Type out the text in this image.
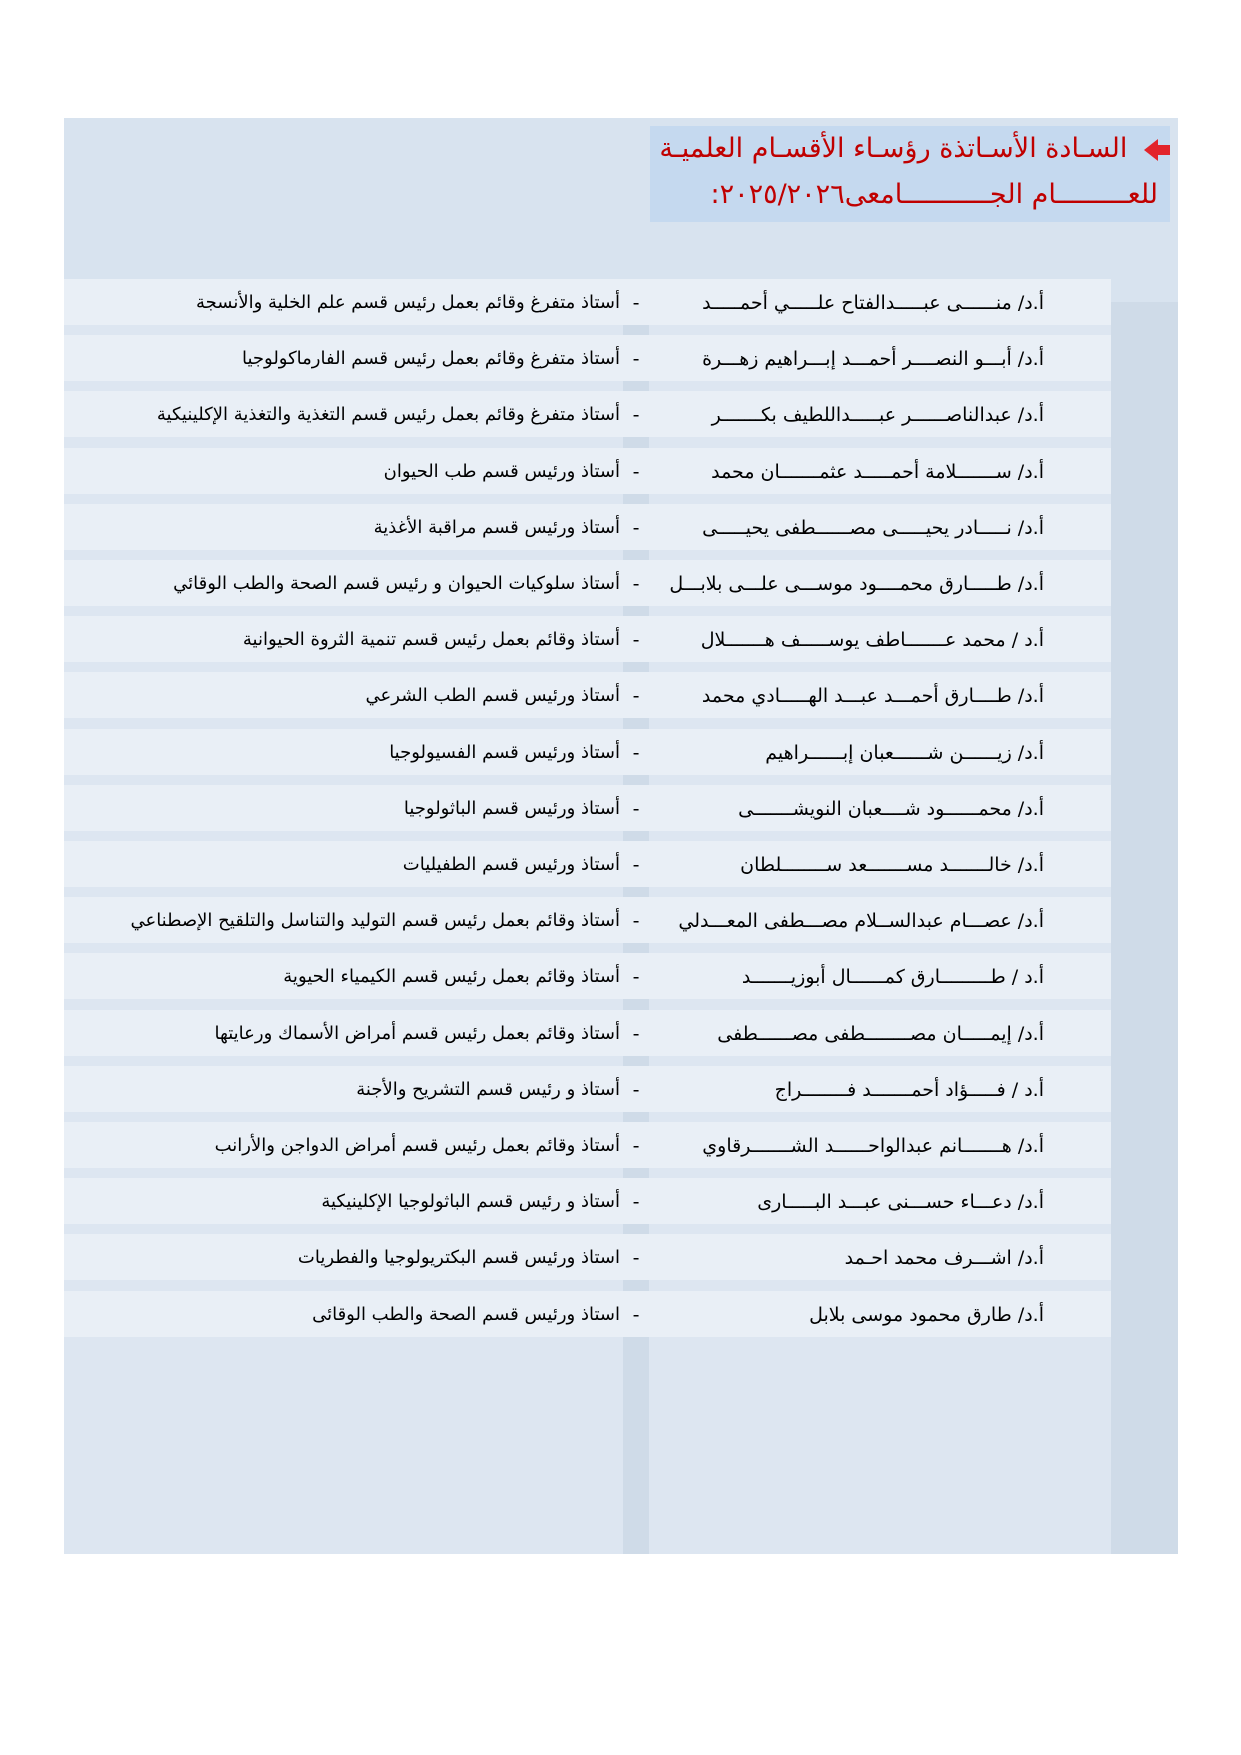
السـادة الأسـاتذة رؤسـاء الأقسـام العلميـة
للعـــــــــام الجـــــــــــامعى٢٠٢٥/٢٠٢٦:
أ.د/ منــــــى عبـــــدالفتاح علـــــي أحمـــــد
-
أستاذ متفرغ وقائم بعمل رئيس قسم علم الخلية والأنسجة
أ.د/ أبـــو النصــــر أحمـــد إبـــراهيم زهـــرة
-
أستاذ متفرغ وقائم بعمل رئيس قسم الفارماكولوجيا
أ.د/ عبدالناصــــــر عبـــــداللطيف بكـــــــر
-
أستاذ متفرغ وقائم بعمل رئيس قسم التغذية والتغذية الإكلينيكية
أ.د/ ســـــــلامة أحمـــــد عثمـــــــان محمد
-
أستاذ ورئيس قسم طب الحيوان
أ.د/ نـــــادر يحيـــــى مصــــــطفى يحيـــــى
-
أستاذ ورئيس قسم مراقبة الأغذية
أ.د/ طـــــارق محمــــود موســـى علـــى بلابـــل
-
أستاذ سلوكيات الحيوان و رئيس قسم الصحة والطب الوقائي
أ.د / محمد عـــــــاطف يوســـــف هـــــــلال
-
أستاذ وقائم بعمل رئيس قسم تنمية الثروة الحيوانية
أ.د/ طــــارق أحمـــد عبـــد الهـــــادي محمد
-
أستاذ ورئيس قسم الطب الشرعي
أ.د/ زيــــــن شــــــعبان إبــــــراهيم
-
أستاذ ورئيس قسم الفسيولوجيا
أ.د/ محمــــــود شــــعبان النويشـــــــى
-
أستاذ ورئيس قسم الباثولوجيا
أ.د/ خالـــــــد مســـــــعد ســــــــلطان
-
أستاذ ورئيس قسم الطفيليات
أ.د/ عصـــام عبدالســلام مصـــطفى المعـــدلي
-
أستاذ وقائم بعمل رئيس قسم التوليد والتناسل والتلقيح الإصطناعي
أ.د / طـــــــــارق كمــــــال أبوزيـــــــد
-
أستاذ وقائم بعمل رئيس قسم الكيمياء الحيوية
أ.د/ إيمـــــان مصــــــــطفى مصــــــطفى
-
أستاذ وقائم بعمل رئيس قسم أمراض الأسماك ورعايتها
أ.د / فـــــؤاد أحمـــــــد فــــــــراج
-
أستاذ و رئيس قسم التشريح والأجنة
أ.د/ هـــــــانم عبدالواحــــــد الشـــــــرقاوي
-
أستاذ وقائم بعمل رئيس قسم أمراض الدواجن والأرانب
أ.د/ دعـــاء حســـنى عبـــد البـــــارى
-
أستاذ و رئيس قسم الباثولوجيا الإكلينيكية
أ.د/ اشـــرف محمد احـمد
-
استاذ ورئيس قسم البكتريولوجيا والفطريات
أ.د/ طارق محمود موسى بلابل
-
استاذ ورئيس قسم الصحة والطب الوقائى
